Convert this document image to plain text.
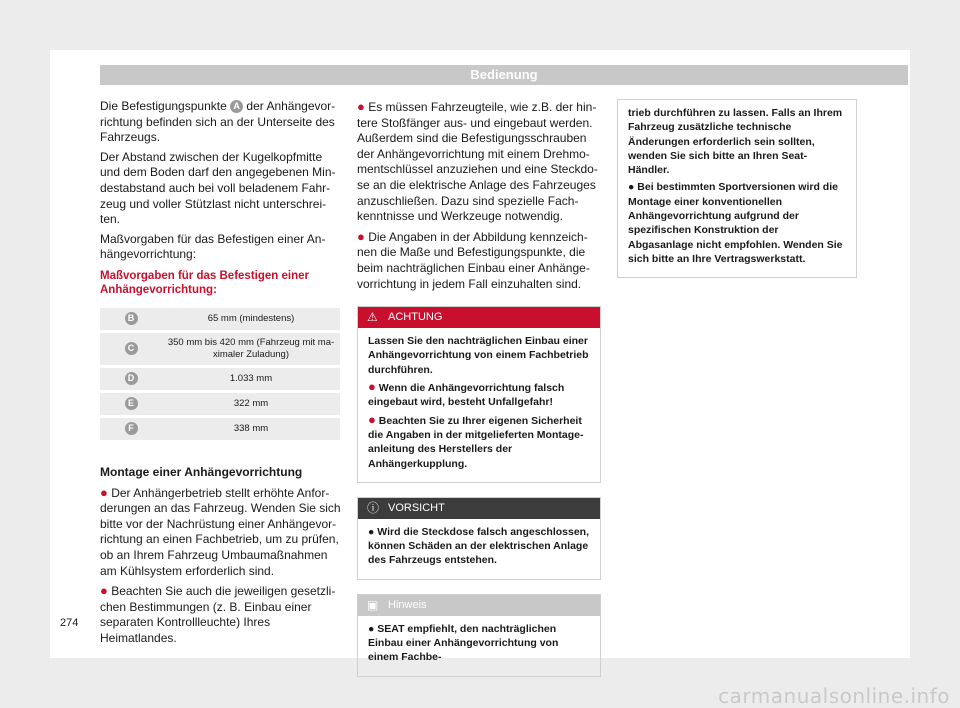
Bedienung

Die Befestigungspunkte A der Anhängevorrichtung befinden sich an der Unterseite des Fahrzeugs.

Der Abstand zwischen der Kugelkopfmitte und dem Boden darf den angegebenen Mindestabstand auch bei voll beladenem Fahrzeug und voller Stützlast nicht unterschreiten.

Maßvorgaben für das Befestigen einer Anhängevorrichtung:

Maßvorgaben für das Befestigen einer Anhängevorrichtung:
B	65 mm (mindestens)
C	350 mm bis 420 mm (Fahrzeug mit maximaler Zuladung)
D	1.033 mm
E	322 mm
F	338 mm
Montage einer Anhängevorrichtung

● Der Anhängerbetrieb stellt erhöhte Anforderungen an das Fahrzeug. Wenden Sie sich bitte vor der Nachrüstung einer Anhängevorrichtung an einen Fachbetrieb, um zu prüfen, ob an Ihrem Fahrzeug Umbaumaßnahmen am Kühlsystem erforderlich sind.

● Beachten Sie auch die jeweiligen gesetzlichen Bestimmungen (z. B. Einbau einer separaten Kontrollleuchte) Ihres Heimatlandes.

● Es müssen Fahrzeugteile, wie z.B. der hintere Stoßfänger aus- und eingebaut werden. Außerdem sind die Befestigungsschrauben der Anhängevorrichtung mit einem Drehmomentschlüssel anzuziehen und eine Steckdose an die elektrische Anlage des Fahrzeuges anzuschließen. Dazu sind spezielle Fachkenntnisse und Werkzeuge notwendig.

● Die Angaben in der Abbildung kennzeichnen die Maße und Befestigungspunkte, die beim nachträglichen Einbau einer Anhängevorrichtung in jedem Fall einzuhalten sind.

⚠ ACHTUNG

Lassen Sie den nachträglichen Einbau einer Anhängevorrichtung von einem Fachbetrieb durchführen.

● Wenn die Anhängevorrichtung falsch eingebaut wird, besteht Unfallgefahr!

● Beachten Sie zu Ihrer eigenen Sicherheit die Angaben in der mitgelieferten Montageanleitung des Herstellers der Anhängerkupplung.

ⓘ VORSICHT

● Wird die Steckdose falsch angeschlossen, können Schäden an der elektrischen Anlage des Fahrzeugs entstehen.

▣ Hinweis

● SEAT empfiehlt, den nachträglichen Einbau einer Anhängevorrichtung von einem Fachbe-

trieb durchführen zu lassen. Falls an Ihrem Fahrzeug zusätzliche technische Änderungen erforderlich sein sollten, wenden Sie sich bitte an Ihren Seat-Händler.

● Bei bestimmten Sportversionen wird die Montage einer konventionellen Anhängevorrichtung aufgrund der spezifischen Konstruktion der Abgasanlage nicht empfohlen. Wenden Sie sich bitte an Ihre Vertragswerkstatt.

274
carmanualsonline.info
